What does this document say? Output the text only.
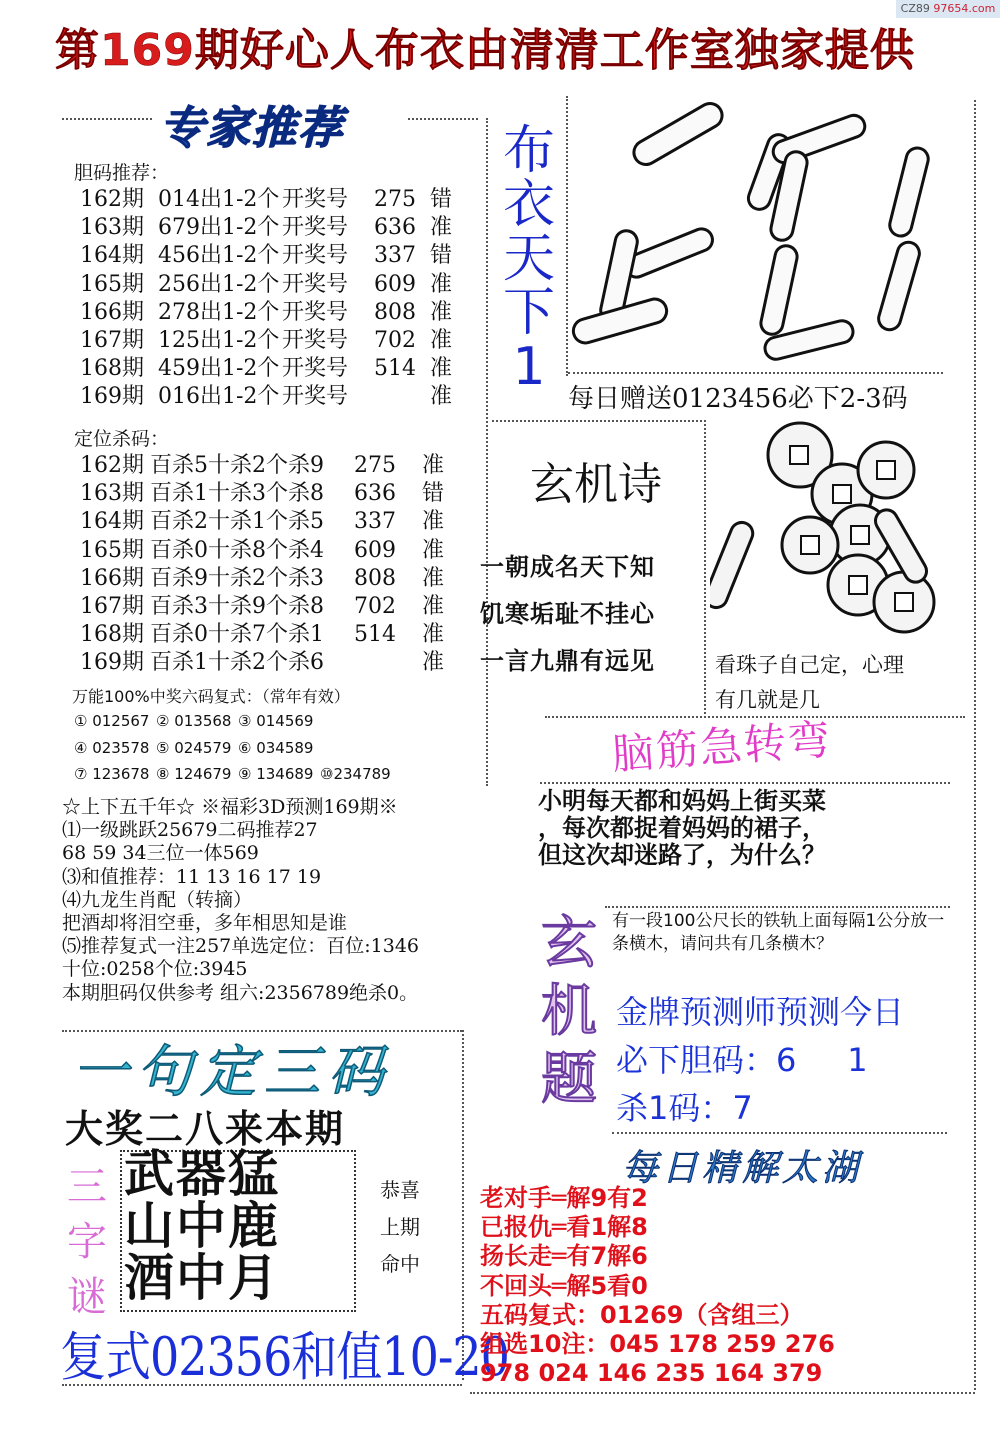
第169期好心人布衣由清清工作室独家提供
CZ89 97654.com
专家推荐
胆码推荐：
162期 014出1-2个 开奖号 275 错
163期 679出1-2个 开奖号 636 准
164期 456出1-2个 开奖号 337 错
165期 256出1-2个 开奖号 609 准
166期 278出1-2个 开奖号 808 准
167期 125出1-2个 开奖号 702 准
168期 459出1-2个 开奖号 514 准
169期 016出1-2个 开奖号	准
定位杀码：
162期 百杀5十杀2个杀9 275 准
163期 百杀1十杀3个杀8 636 错
164期 百杀2十杀1个杀5 337 准
165期 百杀0十杀8个杀4 609 准
166期 百杀9十杀2个杀3 808 准
167期 百杀3十杀9个杀8 702 准
168期 百杀0十杀7个杀1 514 准
169期 百杀1十杀2个杀6	准
万能100%中奖六码复式：（常年有效）
① 012567 ② 013568 ③ 014569
④ 023578 ⑤ 024579 ⑥ 034589
⑦ 123678 ⑧ 124679 ⑨ 134689 ⑩234789
☆上下五千年☆ ※福彩3D预测169期※
⑴一级跳跃25679二码推荐27
68 59 34三位一体569
⑶和值推荐：11 13 16 17 19
⑷九龙生肖配（转摘）
把酒却将泪空垂，多年相思知是谁
⑸推荐复式一注257单选定位：百位:1346
十位:0258个位:3945
本期胆码仅供参考 组六:2356789绝杀0。
一句定三码
大奖二八来本期
三
字
谜
武器猛
山中鹿
酒中月
恭喜
上期
命中
复式02356和值10-20
布
衣
天
下
1
每日赠送0123456必下2-3码
玄机诗
一朝成名天下知
饥寒垢耻不挂心
一言九鼎有远见	看珠子自己定，心理
有几就是几
脑筋急转弯
小明每天都和妈妈上街买菜
，每次都捉着妈妈的裙子，
但这次却迷路了，为什么？
玄
机
题
有一段100公尺长的铁轨上面每隔1公分放一条横木，请问共有几条横木？
金牌预测师预测今日
必下胆码：6     1
杀1码：7
每日精解太湖
老对手═解9有2
已报仇═看1解8
扬长走═有7解6
不回头═解5看0
五码复式：01269（含组三）
组选10注：045 178 259 276
978 024 146 235 164 379
